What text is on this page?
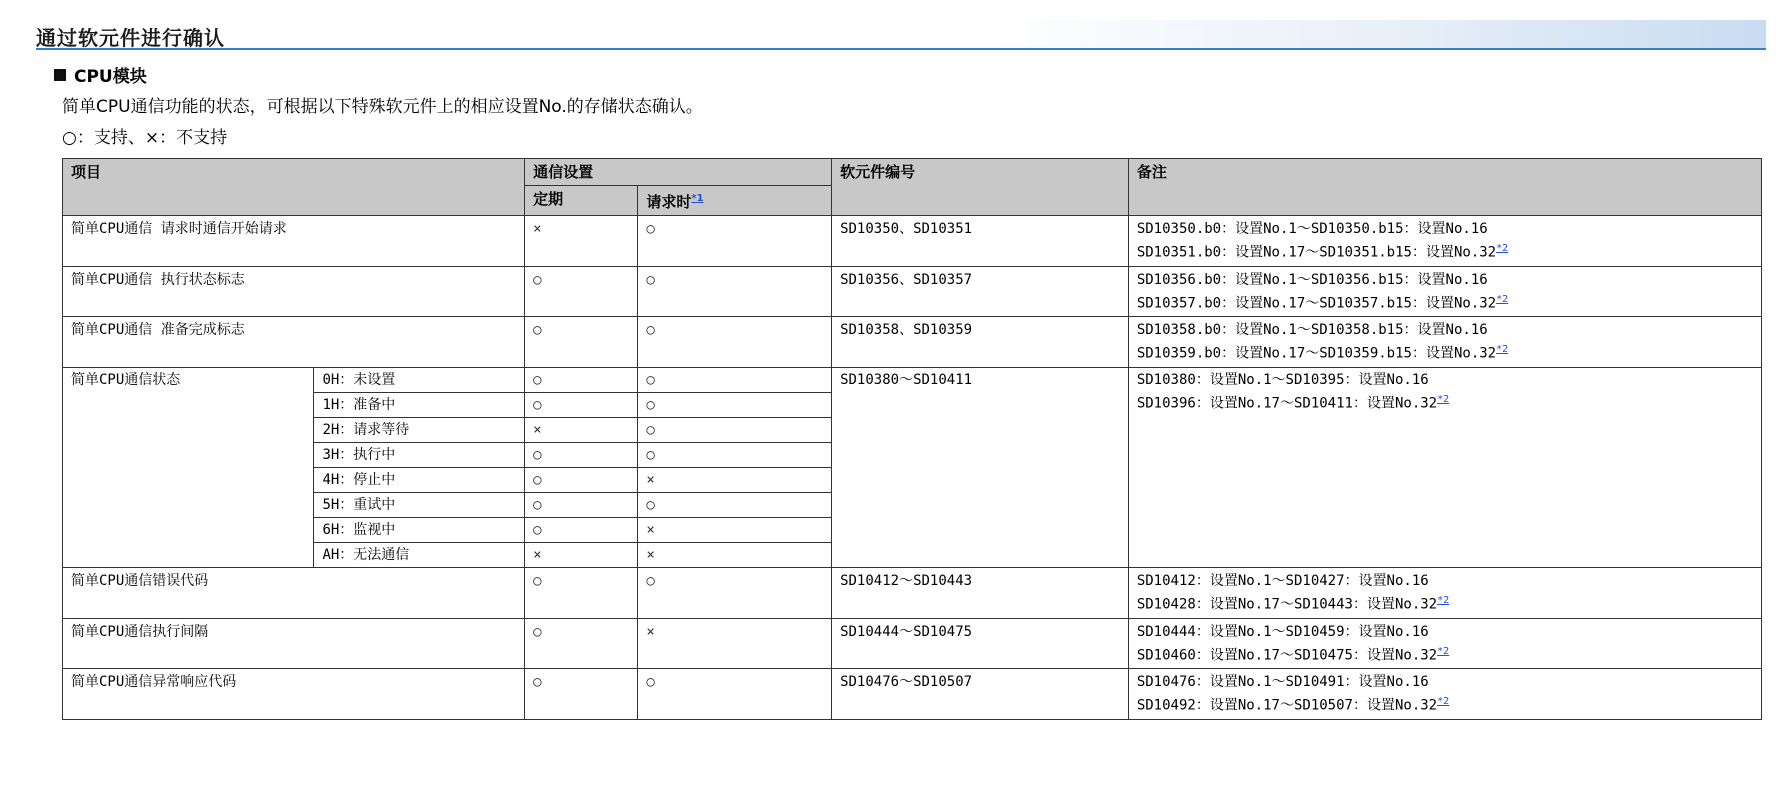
通过软元件进行确认
CPU模块
简单CPU通信功能的状态，可根据以下特殊软元件上的相应设置No.的存储状态确认。
○：支持、×：不支持
项目		通信设置		软元件编号	备注
		定期	请求时$^{*1}$
简单CPU通信 请求时通信开始请求		×	○	SD10350、SD10351	SD10350.b0：设置No.1～SD10350.b15：设置No.16
SD10351.b0：设置No.17～SD10351.b15：设置No.32$^{*2}$

简单CPU通信 执行状态标志		○	○	SD10356、SD10357	SD10356.b0：设置No.1～SD10356.b15：设置No.16
SD10357.b0：设置No.17～SD10357.b15：设置No.32$^{*2}$

简单CPU通信 准备完成标志		○	○	SD10358、SD10359	SD10358.b0：设置No.1～SD10358.b15：设置No.16
SD10359.b0：设置No.17～SD10359.b15：设置No.32$^{*2}$

简单CPU通信状态	0H：未设置	○	○	SD10380～SD10411	SD10380：设置No.1～SD10395：设置No.16
SD10396：设置No.17～SD10411：设置No.32$^{*2}$

	1H：准备中	○	○		
	2H：请求等待	×	○		
	3H：执行中	○	○		
	4H：停止中	○	×		
	5H：重试中	○	○		
	6H：监视中	○	×		
	AH：无法通信	×	×		
简单CPU通信错误代码		○	○	SD10412～SD10443	SD10412：设置No.1～SD10427：设置No.16
SD10428：设置No.17～SD10443：设置No.32$^{*2}$

简单CPU通信执行间隔		○	×	SD10444～SD10475	SD10444：设置No.1～SD10459：设置No.16
SD10460：设置No.17～SD10475：设置No.32$^{*2}$

简单CPU通信异常响应代码		○	○	SD10476～SD10507	SD10476：设置No.1～SD10491：设置No.16
SD10492：设置No.17～SD10507：设置No.32$^{*2}$
